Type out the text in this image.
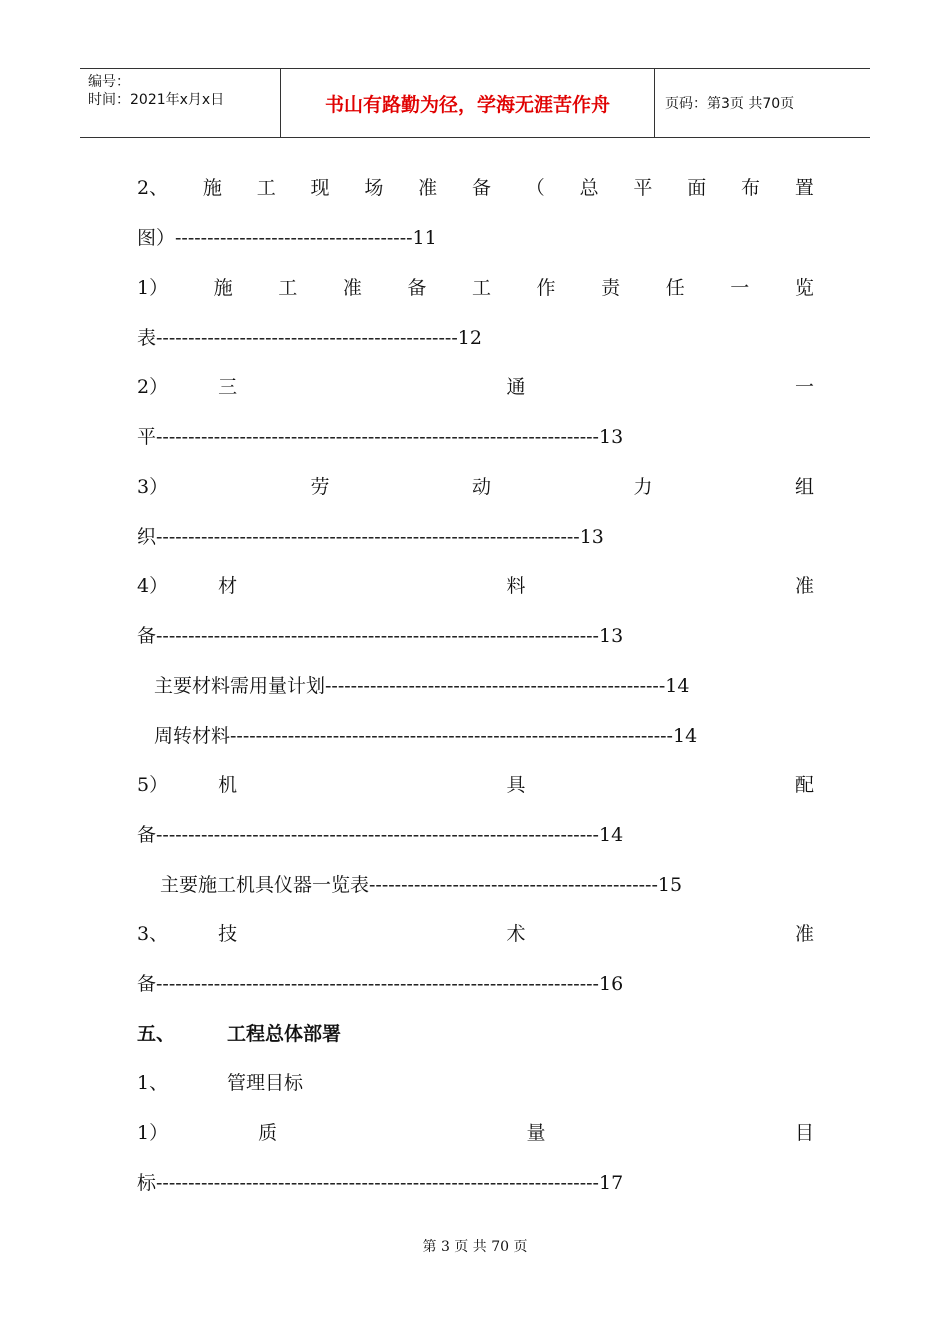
编号：
时间：2021年x月x日	书山有路勤为径，学海无涯苦作舟	页码：第3页 共70页
2、 施 工 现 场 准 备 （ 总 平 面 布 置
图）-------------------------------------11
1） 施 工 准 备 工 作 责 任 一 览
表-----------------------------------------------12
2）	三	通	一
平---------------------------------------------------------------------13
3）	劳	动	力	组
织------------------------------------------------------------------13
4）	材	料	准
备---------------------------------------------------------------------13
主要材料需用量计划-----------------------------------------------------14
周转材料---------------------------------------------------------------------14
5）	机	具	配
备---------------------------------------------------------------------14
主要施工机具仪器一览表---------------------------------------------15
3、	技	术	准
备---------------------------------------------------------------------16
五、	工程总体部署
1、	管理目标
1）	质	量	目
标---------------------------------------------------------------------17
第 3 页 共 70 页
